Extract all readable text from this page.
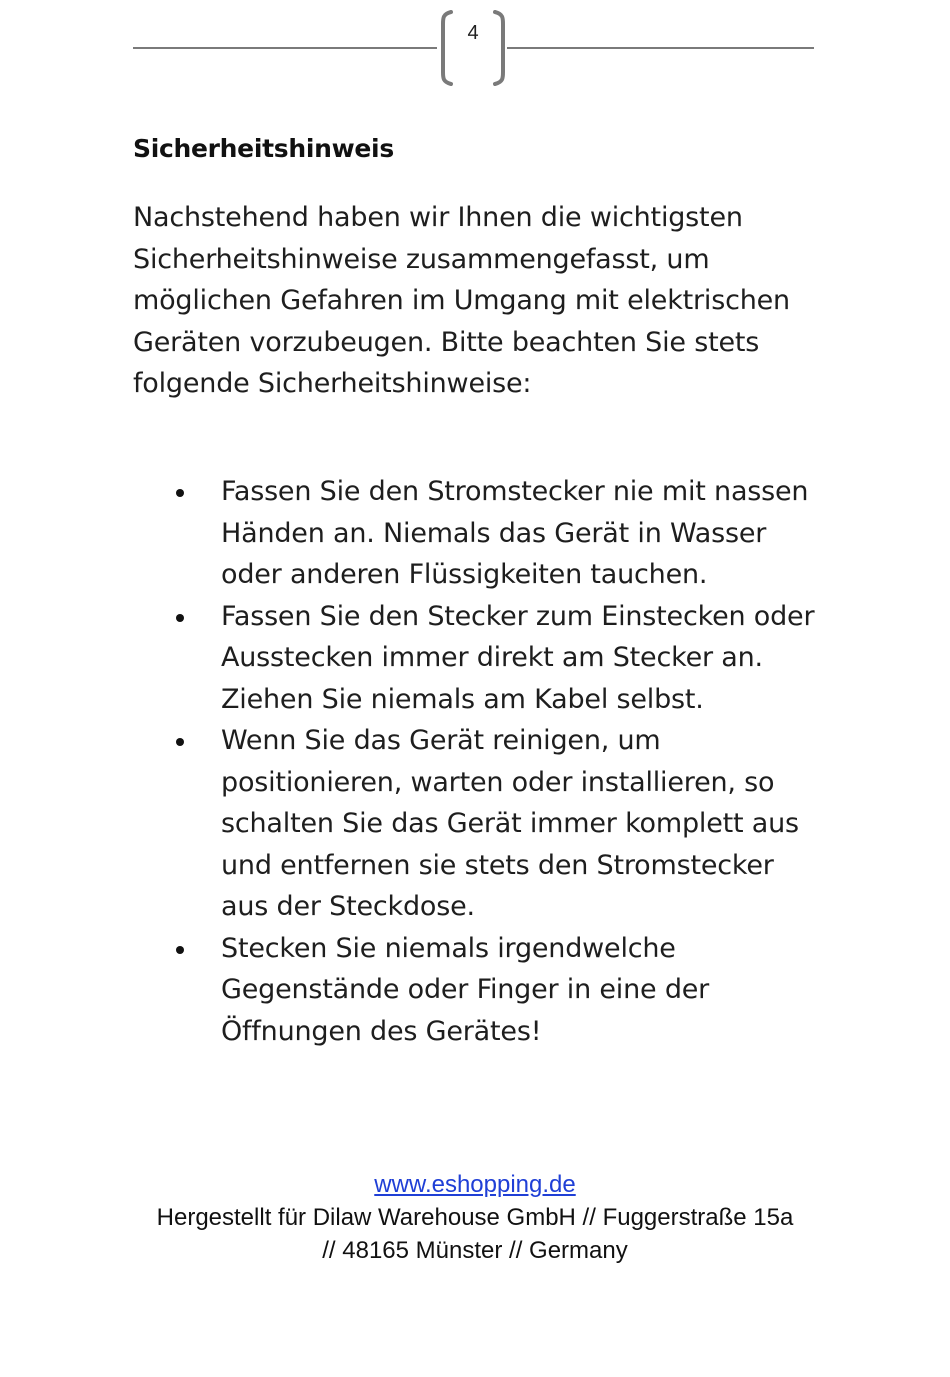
4
Sicherheitshinweis

Nachstehend haben wir Ihnen die wichtigsten Sicherheitshinweise zusammengefasst, um möglichen Gefahren im Umgang mit elektrischen Geräten vorzubeugen. Bitte beachten Sie stets folgende Sicherheitshinweise:

Fassen Sie den Stromstecker nie mit nassen Händen an. Niemals das Gerät in Wasser oder anderen Flüssigkeiten tauchen.
Fassen Sie den Stecker zum Einstecken oder Ausstecken immer direkt am Stecker an. Ziehen Sie niemals am Kabel selbst.
Wenn Sie das Gerät reinigen, um positionieren, warten oder installieren, so schalten Sie das Gerät immer komplett aus und entfernen sie stets den Stromstecker aus der Steckdose.
Stecken Sie niemals irgendwelche Gegenstände oder Finger in eine der Öffnungen des Gerätes!
www.eshopping.de
Hergestellt für Dilaw Warehouse GmbH // Fuggerstraße 15a
// 48165 Münster // Germany
